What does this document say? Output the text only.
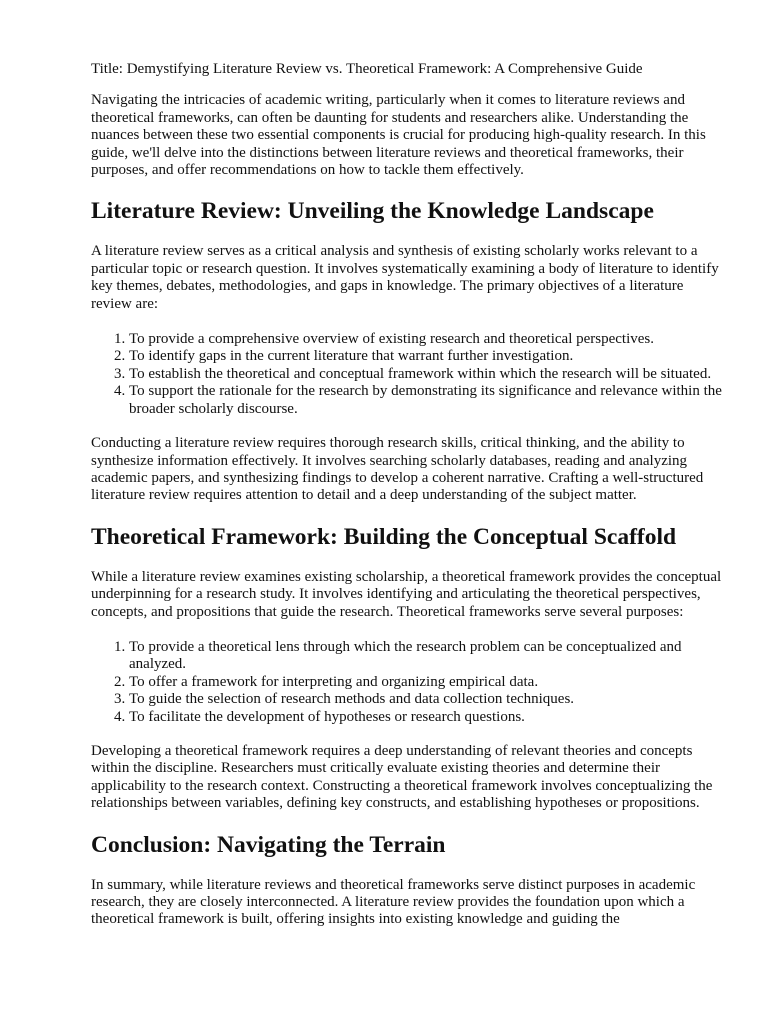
Title: Demystifying Literature Review vs. Theoretical Framework: A Comprehensive Guide

Navigating the intricacies of academic writing, particularly when it comes to literature reviews and theoretical frameworks, can often be daunting for students and researchers alike. Understanding the nuances between these two essential components is crucial for producing high-quality research. In this guide, we'll delve into the distinctions between literature reviews and theoretical frameworks, their purposes, and offer recommendations on how to tackle them effectively.

Literature Review: Unveiling the Knowledge Landscape

A literature review serves as a critical analysis and synthesis of existing scholarly works relevant to a particular topic or research question. It involves systematically examining a body of literature to identify key themes, debates, methodologies, and gaps in knowledge. The primary objectives of a literature review are:

1. To provide a comprehensive overview of existing research and theoretical perspectives.
2. To identify gaps in the current literature that warrant further investigation.
3. To establish the theoretical and conceptual framework within which the research will be situated.
4. To support the rationale for the research by demonstrating its significance and relevance within the broader scholarly discourse.

Conducting a literature review requires thorough research skills, critical thinking, and the ability to synthesize information effectively. It involves searching scholarly databases, reading and analyzing academic papers, and synthesizing findings to develop a coherent narrative. Crafting a well-structured literature review requires attention to detail and a deep understanding of the subject matter.

Theoretical Framework: Building the Conceptual Scaffold

While a literature review examines existing scholarship, a theoretical framework provides the conceptual underpinning for a research study. It involves identifying and articulating the theoretical perspectives, concepts, and propositions that guide the research. Theoretical frameworks serve several purposes:

1. To provide a theoretical lens through which the research problem can be conceptualized and analyzed.
2. To offer a framework for interpreting and organizing empirical data.
3. To guide the selection of research methods and data collection techniques.
4. To facilitate the development of hypotheses or research questions.

Developing a theoretical framework requires a deep understanding of relevant theories and concepts within the discipline. Researchers must critically evaluate existing theories and determine their applicability to the research context. Constructing a theoretical framework involves conceptualizing the relationships between variables, defining key constructs, and establishing hypotheses or propositions.

Conclusion: Navigating the Terrain

In summary, while literature reviews and theoretical frameworks serve distinct purposes in academic research, they are closely interconnected. A literature review provides the foundation upon which a theoretical framework is built, offering insights into existing knowledge and guiding the
